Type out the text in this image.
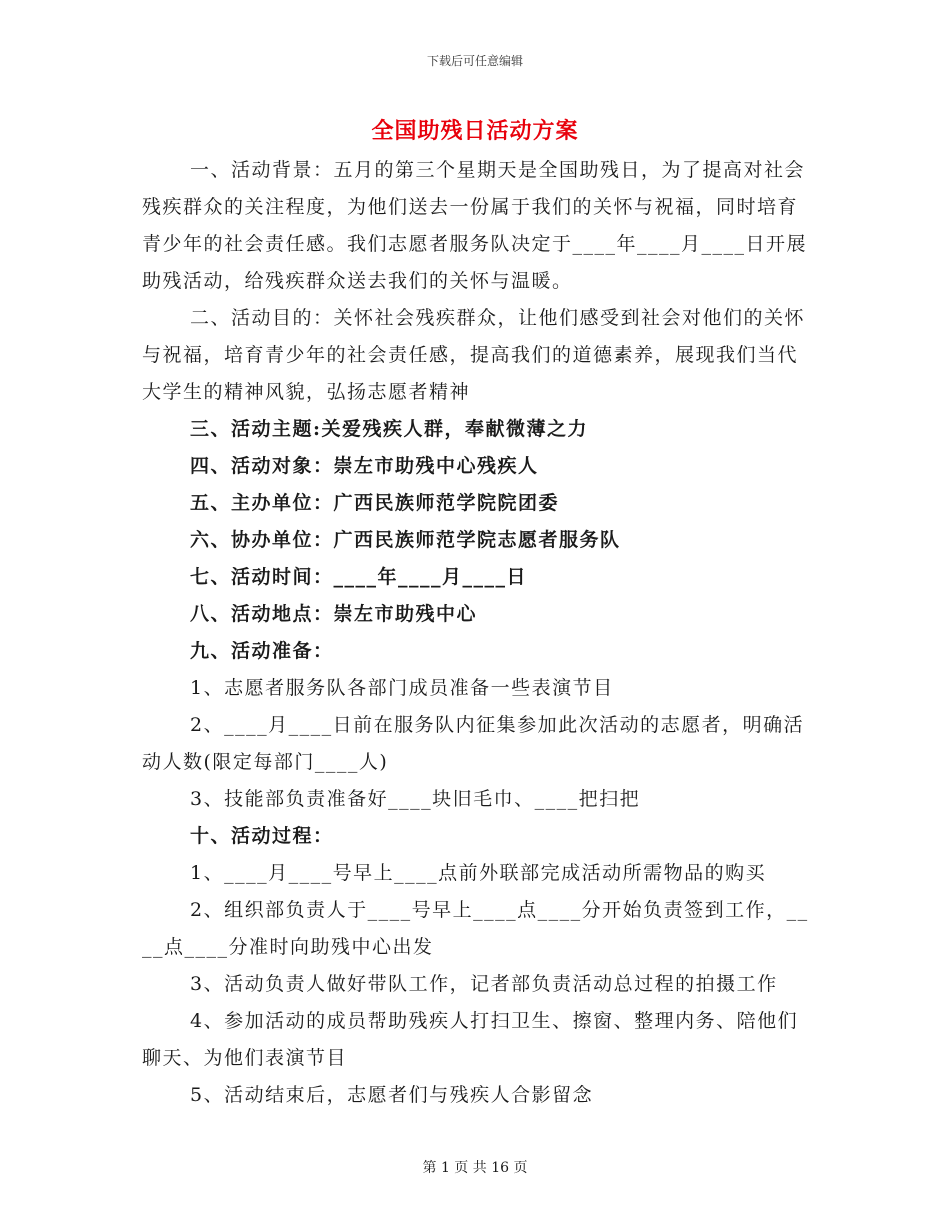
下载后可任意编辑
全国助残日活动方案

一、活动背景：五月的第三个星期天是全国助残日，为了提高对社会残疾群众的关注程度，为他们送去一份属于我们的关怀与祝福，同时培育青少年的社会责任感。我们志愿者服务队决定于____年____月____日开展助残活动，给残疾群众送去我们的关怀与温暖。

二、活动目的：关怀社会残疾群众，让他们感受到社会对他们的关怀与祝福，培育青少年的社会责任感，提高我们的道德素养，展现我们当代大学生的精神风貌，弘扬志愿者精神

三、活动主题:关爱残疾人群，奉献微薄之力

四、活动对象：崇左市助残中心残疾人

五、主办单位：广西民族师范学院院团委

六、协办单位：广西民族师范学院志愿者服务队

七、活动时间：____年____月____日

八、活动地点：崇左市助残中心

九、活动准备：

1、志愿者服务队各部门成员准备一些表演节目

2、____月____日前在服务队内征集参加此次活动的志愿者，明确活动人数(限定每部门____人)

3、技能部负责准备好____块旧毛巾、____把扫把

十、活动过程：

1、____月____号早上____点前外联部完成活动所需物品的购买

2、组织部负责人于____号早上____点____分开始负责签到工作，____点____分准时向助残中心出发

3、活动负责人做好带队工作，记者部负责活动总过程的拍摄工作

4、参加活动的成员帮助残疾人打扫卫生、擦窗、整理内务、陪他们聊天、为他们表演节目

5、活动结束后，志愿者们与残疾人合影留念

第 1 页 共 16 页
